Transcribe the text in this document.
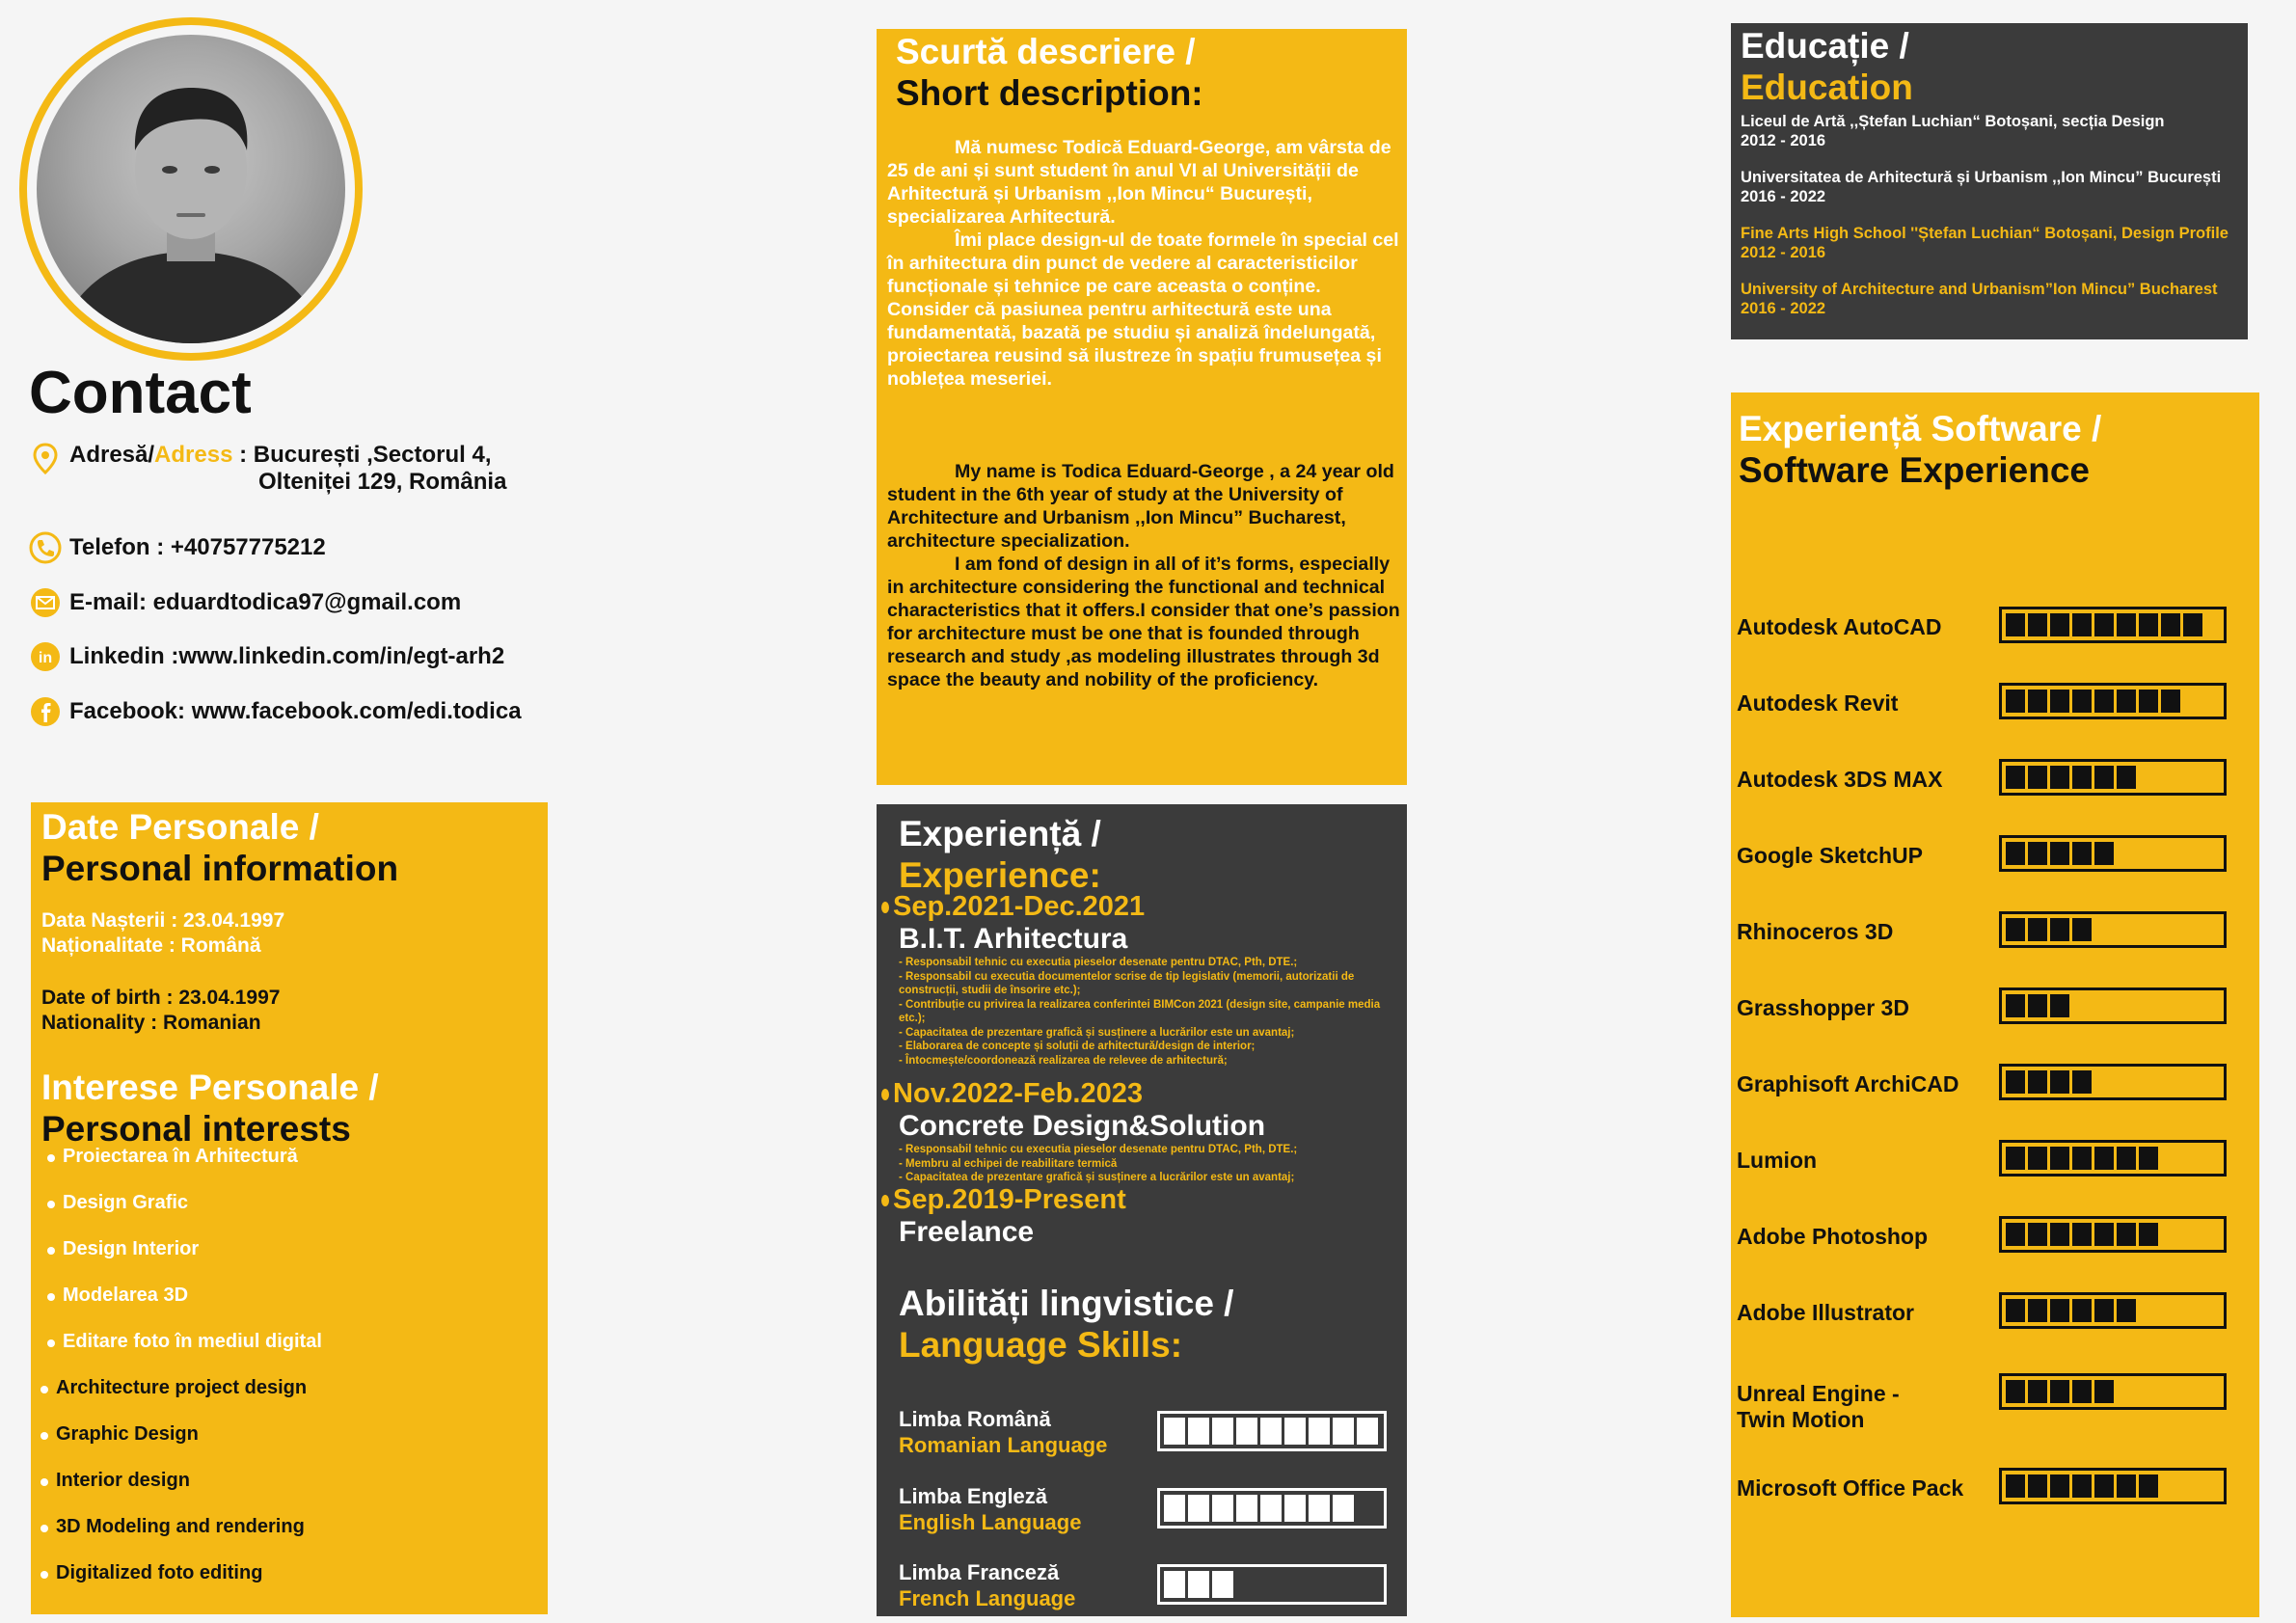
Contact
Adresă/Adress : București ,Sectorul 4,
Olteniței 129, România
Telefon : +40757775212
E-mail: eduardtodica97@gmail.com
in Linkedin :www.linkedin.com/in/egt-arh2
Facebook: www.facebook.com/edi.todica
Date Personale /
Personal information
Data Nașterii : 23.04.1997
Naționalitate : Română
Date of birth : 23.04.1997
Nationality : Romanian
Interese Personale /
Personal interests
Proiectarea în Arhitectură
Design Grafic
Design Interior
Modelarea 3D
Editare foto în mediul digital
Architecture project design
Graphic Design
Interior design
3D Modeling and rendering
Digitalized foto editing
Scurtă descriere /
Short description:

Mă numesc Todică Eduard-George, am vârsta de 25 de ani și sunt student în anul VI al Universității de Arhitectură și Urbanism ,,Ion Mincu“ București, specializarea Arhitectură.

Îmi place design-ul de toate formele în special cel în arhitectura din punct de vedere al caracteristicilor funcționale și tehnice pe care aceasta o conține. Consider că pasiunea pentru arhitectură este una fundamentată, bazată pe studiu și analiză îndelungată, proiectarea reusind să ilustreze în spațiu frumusețea și noblețea meseriei.

My name is Todica Eduard-George , a 24 year old student in the 6th year of study at the University of Architecture and Urbanism ,,Ion Mincu” Bucharest, architecture specialization.

I am fond of design in all of it’s forms, especially in architecture considering the functional and technical characteristics that it offers.I consider that one’s passion for architecture must be one that is founded through research and study ,as modeling illustrates through 3d space the beauty and nobility of the proficiency.

Experiență /
Experience:
Sep.2021-Dec.2021
B.I.T. Arhitectura
- Responsabil tehnic cu executia pieselor desenate pentru DTAC, Pth, DTE.;
- Responsabil cu executia documentelor scrise de tip legislativ (memorii, autorizatii de construcții, studii de însorire etc.);
- Contribuție cu privirea la realizarea conferintei BIMCon 2021 (design site, campanie media etc.);
- Capacitatea de prezentare grafică și susținere a lucrărilor este un avantaj;
- Elaborarea de concepte și soluții de arhitectură/design de interior;
- Întocmește/coordonează realizarea de relevee de arhitectură;
Nov.2022-Feb.2023
Concrete Design&Solution
- Responsabil tehnic cu executia pieselor desenate pentru DTAC, Pth, DTE.;
- Membru al echipei de reabilitare termică
- Capacitatea de prezentare grafică și susținere a lucrărilor este un avantaj;
Sep.2019-Present
Freelance
Abilități lingvistice /
Language Skills:
Limba Română
Romanian Language
Limba Engleză
English Language
Limba Franceză
French Language
Educație /
Education
Liceul de Artă ,,Ștefan Luchian“ Botoșani, secția Design
2012 - 2016
Universitatea de Arhitectură și Urbanism ,,Ion Mincu” București
2016 - 2022
Fine Arts High School ''Ștefan Luchian“ Botoșani, Design Profile
2012 - 2016
University of Architecture and Urbanism”Ion Mincu” Bucharest
2016 - 2022
Experiență Software /
Software Experience
Autodesk AutoCAD
Autodesk Revit
Autodesk 3DS MAX
Google SketchUP
Rhinoceros 3D
Grasshopper 3D
Graphisoft ArchiCAD
Lumion
Adobe Photoshop
Adobe Illustrator
Unreal Engine -
Twin Motion
Microsoft Office Pack
